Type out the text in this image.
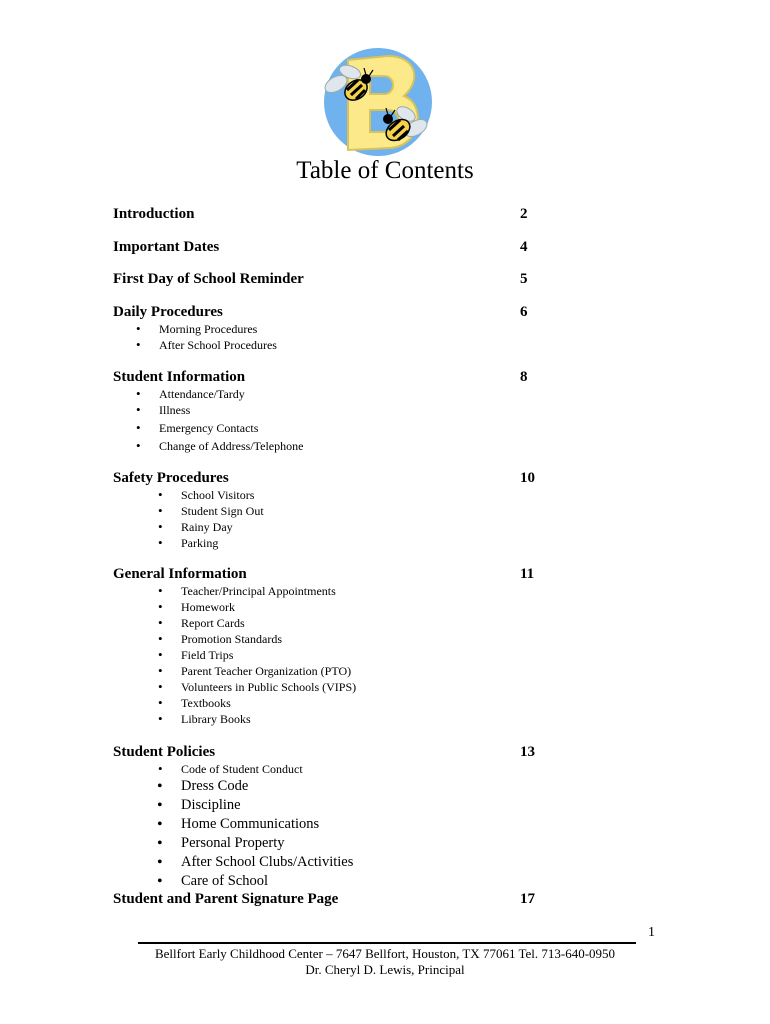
Table of Contents
Introduction	2
Important Dates	4
First Day of School Reminder	5
Daily Procedures	6
• Morning Procedures
• After School Procedures
Student Information	8
• Attendance/Tardy
• Illness
• Emergency Contacts
• Change of Address/Telephone
Safety Procedures	10
• School Visitors
• Student Sign Out
• Rainy Day
• Parking
General Information	11
• Teacher/Principal Appointments
• Homework
• Report Cards
• Promotion Standards
• Field Trips
• Parent Teacher Organization (PTO)
• Volunteers in Public Schools (VIPS)
• Textbooks
• Library Books
Student Policies	13
• Code of Student Conduct
• Dress Code
• Discipline
• Home Communications
• Personal Property
• After School Clubs/Activities
• Care of School
Student and Parent Signature Page	17
1
Bellfort Early Childhood Center – 7647 Bellfort, Houston, TX 77061 Tel. 713-640-0950
Dr. Cheryl D. Lewis, Principal
